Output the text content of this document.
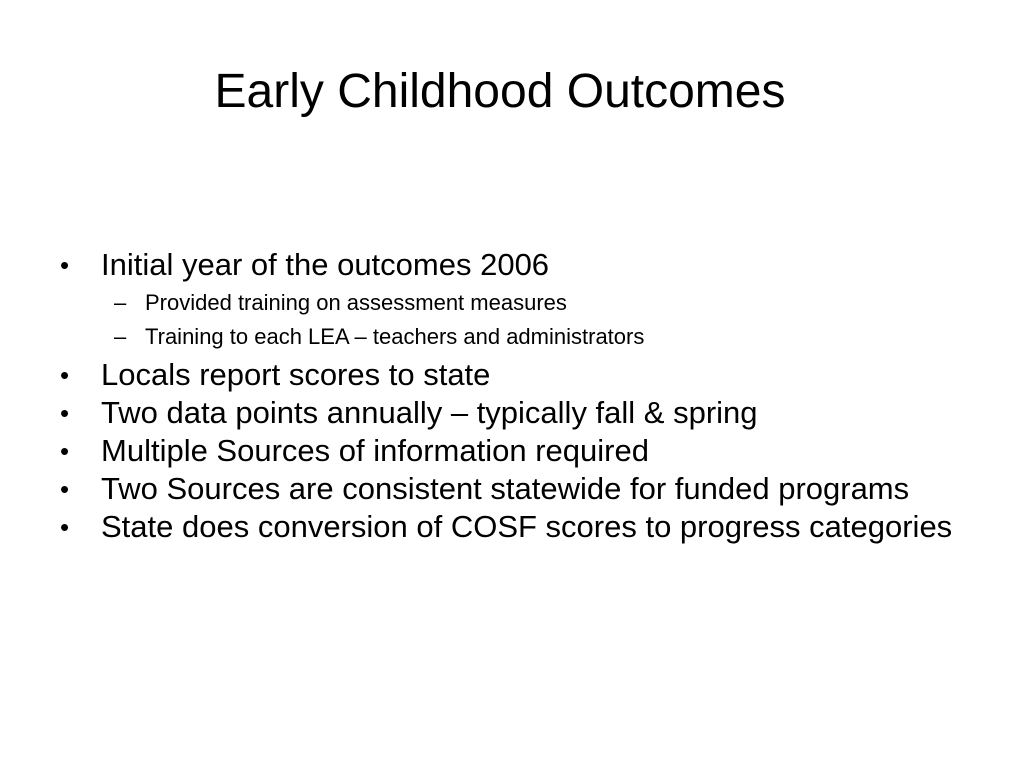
Early Childhood Outcomes
• Initial year of the outcomes 2006
– Provided training on assessment measures
– Training to each LEA – teachers and administrators
• Locals report scores to state
• Two data points annually – typically fall & spring
• Multiple Sources of information required
• Two Sources are consistent statewide for funded programs
• State does conversion of COSF scores to progress categories
